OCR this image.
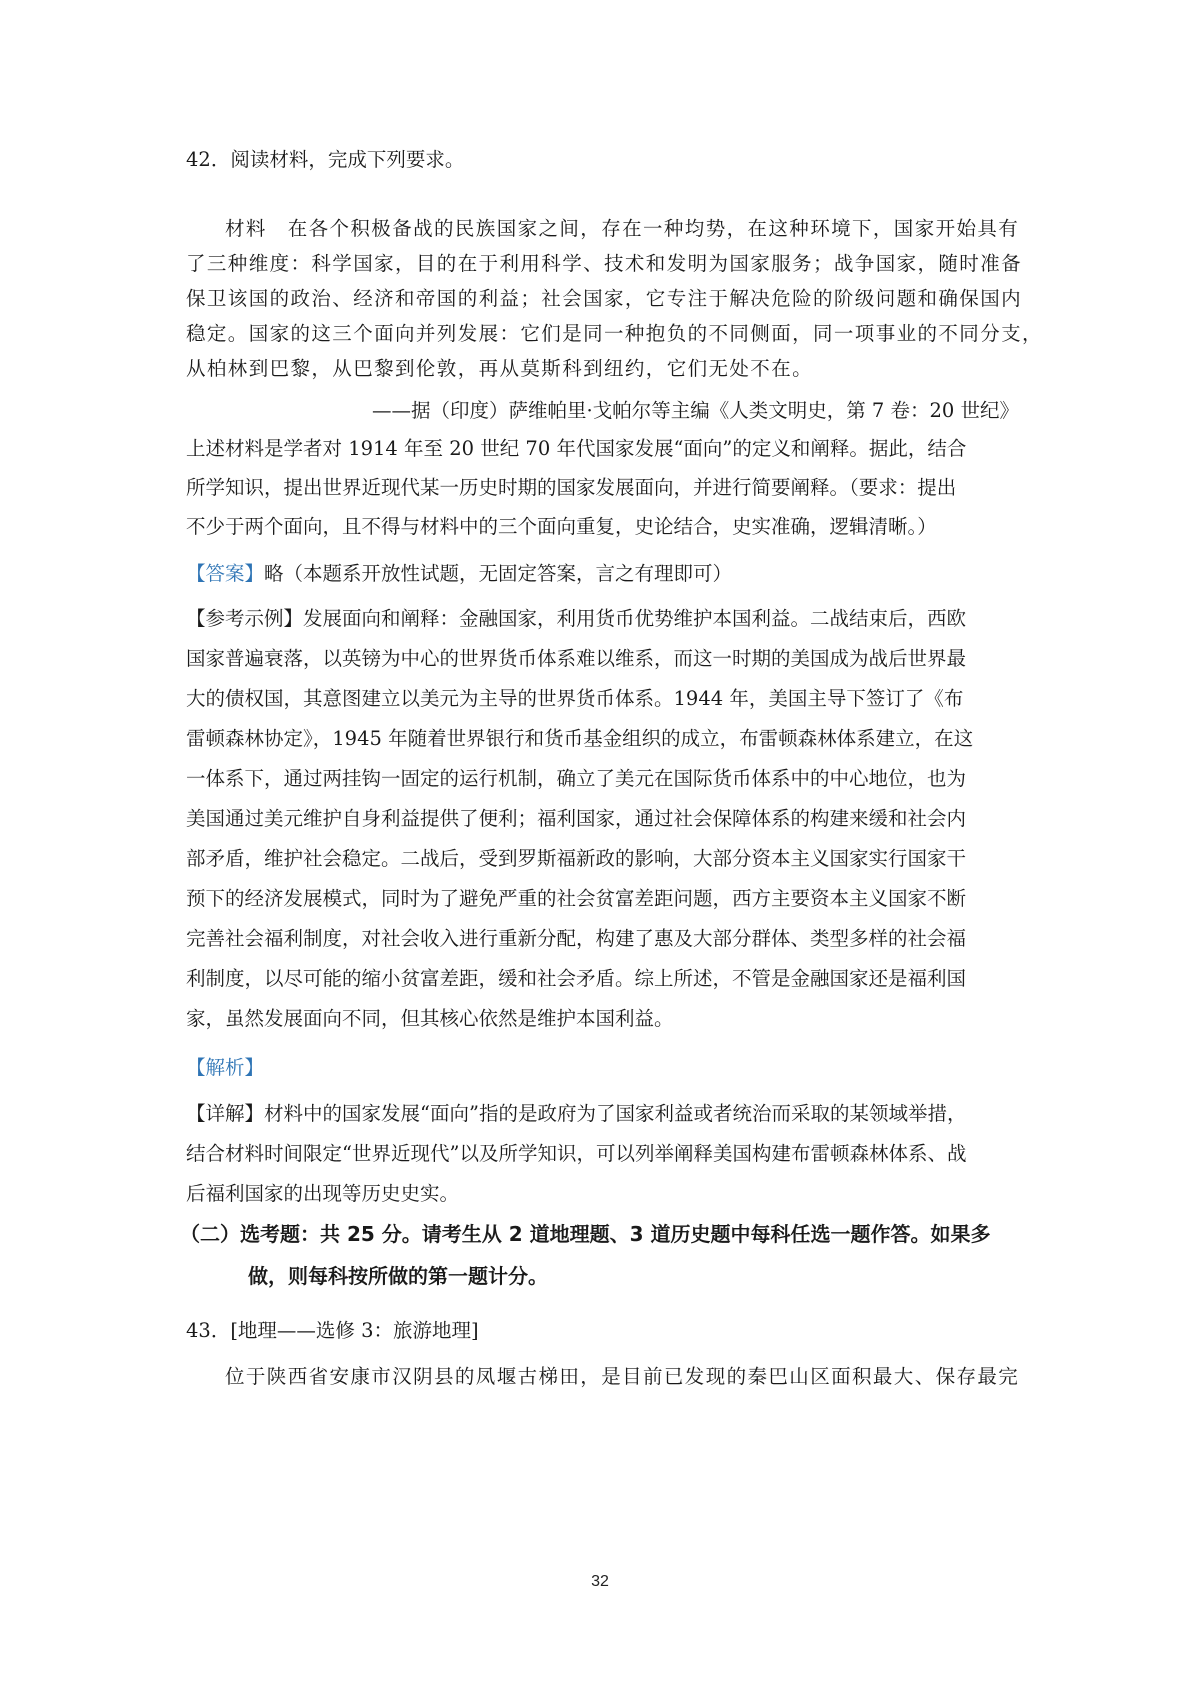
42．阅读材料，完成下列要求。
材料　在各个积极备战的民族国家之间，存在一种均势，在这种环境下，国家开始具有
了三种维度：科学国家，目的在于利用科学、技术和发明为国家服务；战争国家，随时准备
保卫该国的政治、经济和帝国的利益；社会国家，它专注于解决危险的阶级问题和确保国内
稳定。国家的这三个面向并列发展：它们是同一种抱负的不同侧面，同一项事业的不同分支，
从柏林到巴黎，从巴黎到伦敦，再从莫斯科到纽约，它们无处不在。
——据（印度）萨维帕里·戈帕尔等主编《人类文明史，第 7 卷：20 世纪》
上述材料是学者对 1914 年至 20 世纪 70 年代国家发展“面向”的定义和阐释。据此，结合
所学知识，提出世界近现代某一历史时期的国家发展面向，并进行简要阐释。（要求：提出
不少于两个面向，且不得与材料中的三个面向重复，史论结合，史实准确，逻辑清晰。）
【答案】略（本题系开放性试题，无固定答案，言之有理即可）
【参考示例】发展面向和阐释：金融国家，利用货币优势维护本国利益。二战结束后，西欧
国家普遍衰落，以英镑为中心的世界货币体系难以维系，而这一时期的美国成为战后世界最
大的债权国，其意图建立以美元为主导的世界货币体系。1944 年，美国主导下签订了《布
雷顿森林协定》，1945 年随着世界银行和货币基金组织的成立，布雷顿森林体系建立，在这
一体系下，通过两挂钩一固定的运行机制，确立了美元在国际货币体系中的中心地位，也为
美国通过美元维护自身利益提供了便利；福利国家，通过社会保障体系的构建来缓和社会内
部矛盾，维护社会稳定。二战后，受到罗斯福新政的影响，大部分资本主义国家实行国家干
预下的经济发展模式，同时为了避免严重的社会贫富差距问题，西方主要资本主义国家不断
完善社会福利制度，对社会收入进行重新分配，构建了惠及大部分群体、类型多样的社会福
利制度，以尽可能的缩小贫富差距，缓和社会矛盾。综上所述，不管是金融国家还是福利国
家，虽然发展面向不同，但其核心依然是维护本国利益。
【解析】
【详解】材料中的国家发展“面向”指的是政府为了国家利益或者统治而采取的某领域举措，
结合材料时间限定“世界近现代”以及所学知识，可以列举阐释美国构建布雷顿森林体系、战
后福利国家的出现等历史史实。
（二）选考题：共 25 分。请考生从 2 道地理题、3 道历史题中每科任选一题作答。如果多
做，则每科按所做的第一题计分。
43．[地理——选修 3：旅游地理]
位于陕西省安康市汉阴县的凤堰古梯田，是目前已发现的秦巴山区面积最大、保存最完
32
